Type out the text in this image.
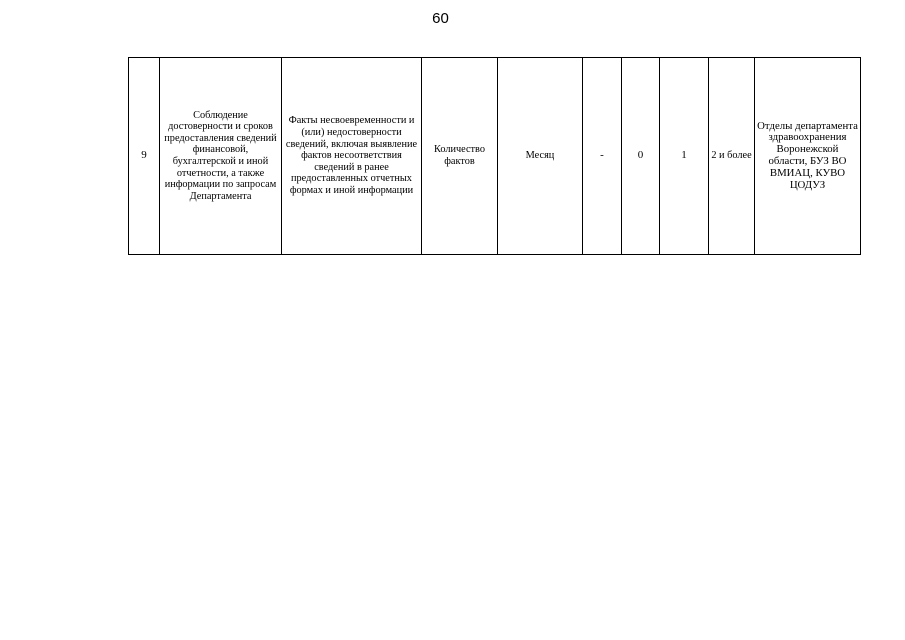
60
9	Соблюдение достоверности и сроков предоставления сведений финансовой, бухгалтерской и иной отчетности, а также информации по запросам Департамента	Факты несвоевременности и (или) недостоверности сведений, включая выявление фактов несоответствия сведений в ранее предоставленных отчетных формах и иной информации	Количество фактов	Месяц	-	0	1	2 и более	Отделы департамента здравоохранения Воронежской области, БУЗ ВО ВМИАЦ, КУВО ЦОДУЗ
